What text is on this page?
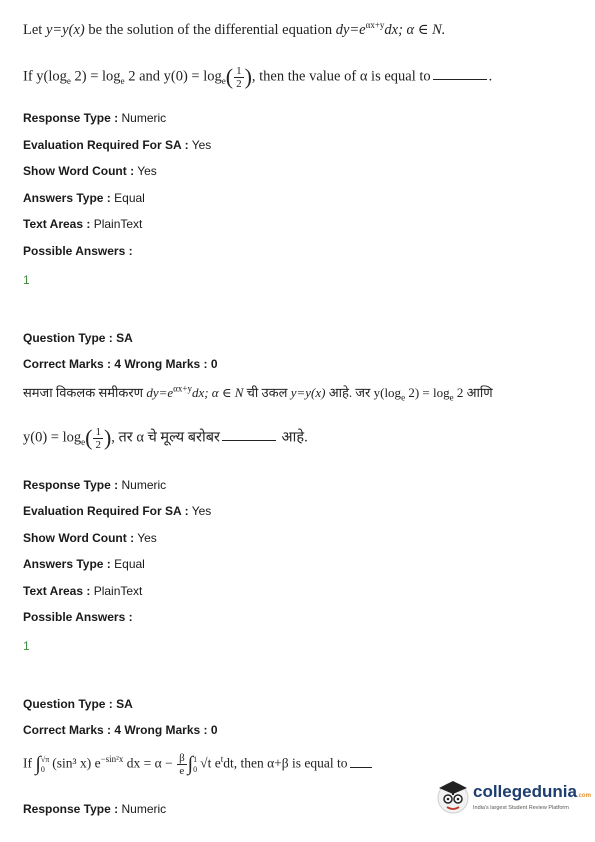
Let y=y(x) be the solution of the differential equation $dy=e^{\alpha x+y}dx$; α ∈ N.
If $y(\log_e$ $2) = \log_e 2$ and $y(0) = \log_e( \frac{1}{2}$ ), then the value of α is equal to	.
Response Type : Numeric
Evaluation Required For SA : Yes
Show Word Count : Yes
Answers Type : Equal
Text Areas : PlainText
Possible Answers :
1
Question Type : SA
Correct Marks : 4 Wrong Marks : 0
समजा विकलक समीकरण $dy=e^{\alpha x+y}dx$; α ∈ N ची उकल y=y(x) आहे. जर $y(\log_e$ $2) = \log_e 2$ आणि
$y(0) = \log_e( \frac{1}{2}$ ), तर α चे मूल्य बरोबर	आहे.
Response Type : Numeric
Evaluation Required For SA : Yes
Show Word Count : Yes
Answers Type : Equal
Text Areas : PlainText
Possible Answers :
1
Question Type : SA
Correct Marks : 4 Wrong Marks : 0
If ∫ √π
0 (sin³ x) $e^{-sin^2x}$ dx = $\alpha - \frac{\beta}{e}$ ∫ 1
0 √t $e^tdt$, then α+β is equal to
Response Type : Numeric
collegedunia.com
India's largest Student Review Platform
